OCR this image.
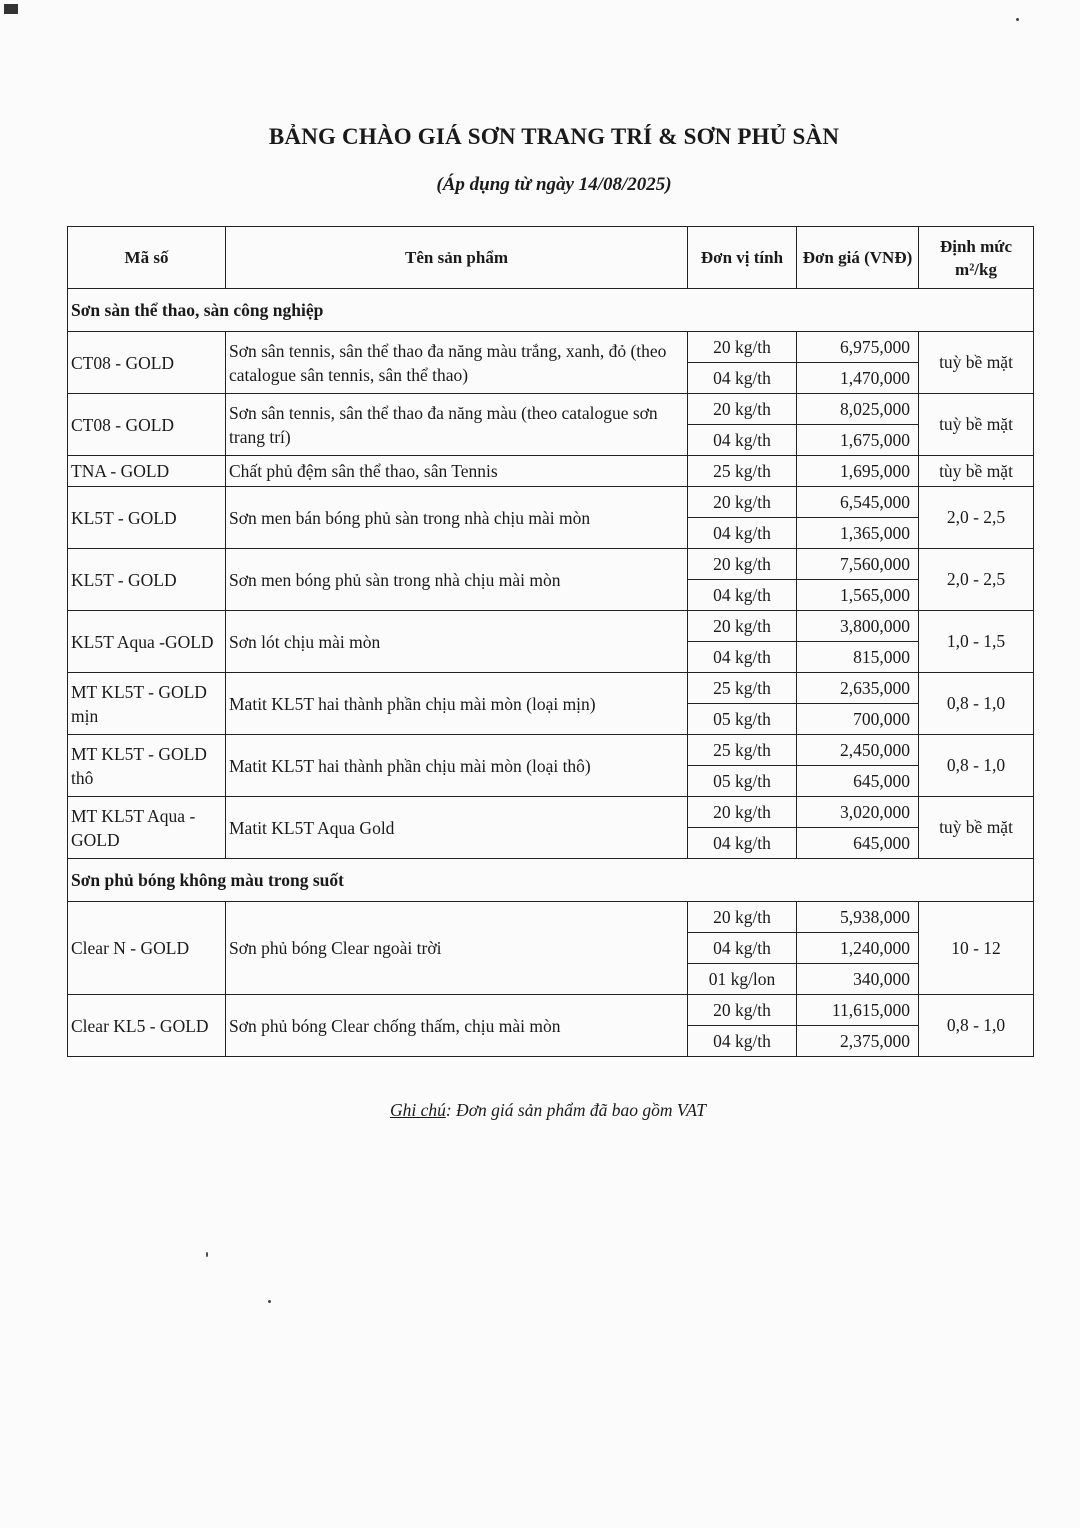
BẢNG CHÀO GIÁ SƠN TRANG TRÍ & SƠN PHỦ SÀN
(Áp dụng từ ngày 14/08/2025)
Mã số	Tên sản phẩm	Đơn vị tính	Đơn giá (VNĐ)	Định mức m²/kg
Sơn sàn thể thao, sàn công nghiệp				
CT08 - GOLD	Sơn sân tennis, sân thể thao đa năng màu trắng, xanh, đỏ (theo catalogue sân tennis, sân thể thao)	20 kg/th	6,975,000	tuỳ bề mặt
		04 kg/th	1,470,000	
CT08 - GOLD	Sơn sân tennis, sân thể thao đa năng màu (theo catalogue sơn trang trí)	20 kg/th	8,025,000	tuỳ bề mặt
		04 kg/th	1,675,000	
TNA - GOLD	Chất phủ đệm sân thể thao, sân Tennis	25 kg/th	1,695,000	tùy bề mặt
KL5T - GOLD	Sơn men bán bóng phủ sàn trong nhà chịu mài mòn	20 kg/th	6,545,000	2,0 - 2,5
		04 kg/th	1,365,000	
KL5T - GOLD	Sơn men bóng phủ sàn trong nhà chịu mài mòn	20 kg/th	7,560,000	2,0 - 2,5
		04 kg/th	1,565,000	
KL5T Aqua -GOLD	Sơn lót chịu mài mòn	20 kg/th	3,800,000	1,0 - 1,5
		04 kg/th	815,000	
MT KL5T - GOLD mịn	Matit KL5T hai thành phần chịu mài mòn (loại mịn)	25 kg/th	2,635,000	0,8 - 1,0
		05 kg/th	700,000	
MT KL5T - GOLD thô	Matit KL5T hai thành phần chịu mài mòn (loại thô)	25 kg/th	2,450,000	0,8 - 1,0
		05 kg/th	645,000	
MT KL5T Aqua - GOLD	Matit KL5T Aqua Gold	20 kg/th	3,020,000	tuỳ bề mặt
		04 kg/th	645,000	
Sơn phủ bóng không màu trong suốt				
Clear N - GOLD	Sơn phủ bóng Clear ngoài trời	20 kg/th	5,938,000	10 - 12
		04 kg/th	1,240,000	
		01 kg/lon	340,000	
Clear KL5 - GOLD	Sơn phủ bóng Clear chống thấm, chịu mài mòn	20 kg/th	11,615,000	0,8 - 1,0
		04 kg/th	2,375,000	
Ghi chú: Đơn giá sản phẩm đã bao gồm VAT
